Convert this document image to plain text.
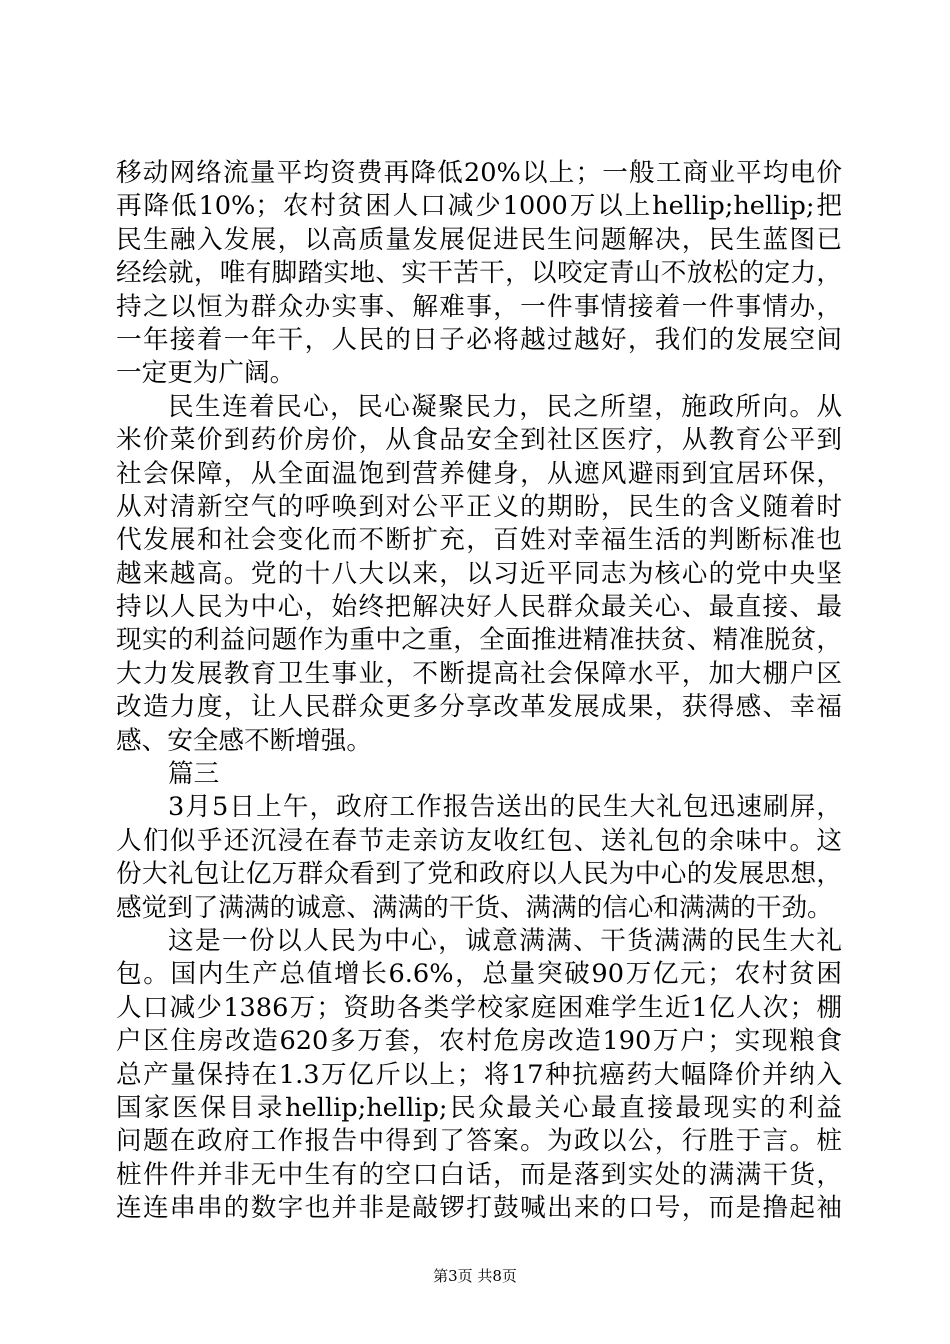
移动网络流量平均资费再降低20%以上；一般工商业平均电价
再降低10%；农村贫困人口减少1000万以上hellip;hellip;把
民生融入发展，以高质量发展促进民生问题解决，民生蓝图已
经绘就，唯有脚踏实地、实干苦干，以咬定青山不放松的定力，
持之以恒为群众办实事、解难事，一件事情接着一件事情办，
一年接着一年干，人民的日子必将越过越好，我们的发展空间
一定更为广阔。
民生连着民心，民心凝聚民力，民之所望，施政所向。从
米价菜价到药价房价，从食品安全到社区医疗，从教育公平到
社会保障，从全面温饱到营养健身，从遮风避雨到宜居环保，
从对清新空气的呼唤到对公平正义的期盼，民生的含义随着时
代发展和社会变化而不断扩充，百姓对幸福生活的判断标准也
越来越高。党的十八大以来，以习近平同志为核心的党中央坚
持以人民为中心，始终把解决好人民群众最关心、最直接、最
现实的利益问题作为重中之重，全面推进精准扶贫、精准脱贫，
大力发展教育卫生事业，不断提高社会保障水平，加大棚户区
改造力度，让人民群众更多分享改革发展成果，获得感、幸福
感、安全感不断增强。
篇三
3月5日上午，政府工作报告送出的民生大礼包迅速刷屏，
人们似乎还沉浸在春节走亲访友收红包、送礼包的余味中。这
份大礼包让亿万群众看到了党和政府以人民为中心的发展思想，
感觉到了满满的诚意、满满的干货、满满的信心和满满的干劲。
这是一份以人民为中心，诚意满满、干货满满的民生大礼
包。国内生产总值增长6.6%，总量突破90万亿元；农村贫困
人口减少1386万；资助各类学校家庭困难学生近1亿人次；棚
户区住房改造620多万套，农村危房改造190万户；实现粮食
总产量保持在1.3万亿斤以上；将17种抗癌药大幅降价并纳入
国家医保目录hellip;hellip;民众最关心最直接最现实的利益
问题在政府工作报告中得到了答案。为政以公，行胜于言。桩
桩件件并非无中生有的空口白话，而是落到实处的满满干货，
连连串串的数字也并非是敲锣打鼓喊出来的口号，而是撸起袖
第3页 共8页
